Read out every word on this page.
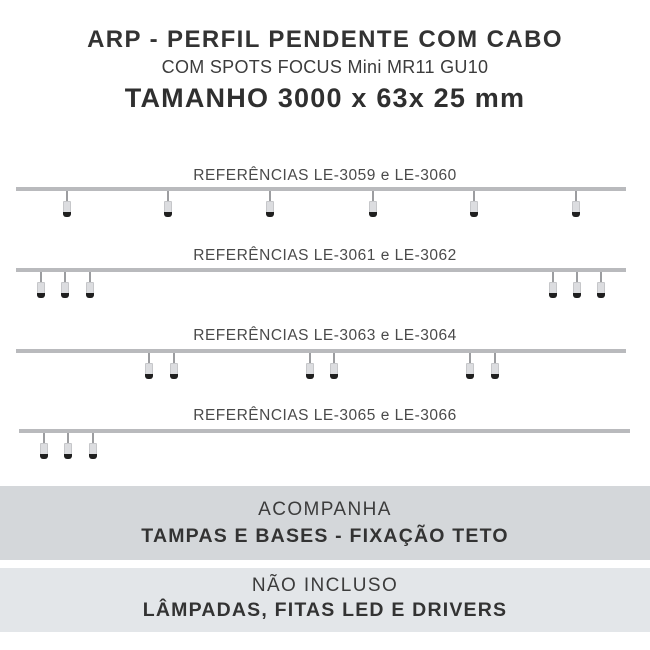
ARP - PERFIL PENDENTE COM CABO
COM SPOTS FOCUS Mini MR11 GU10
TAMANHO 3000 x 63x 25 mm
REFERÊNCIAS LE-3059 e LE-3060
REFERÊNCIAS LE-3061 e LE-3062
REFERÊNCIAS LE-3063 e LE-3064
REFERÊNCIAS LE-3065 e LE-3066
ACOMPANHA
TAMPAS E BASES - FIXAÇÃO TETO
NÃO INCLUSO
LÂMPADAS, FITAS LED E DRIVERS
